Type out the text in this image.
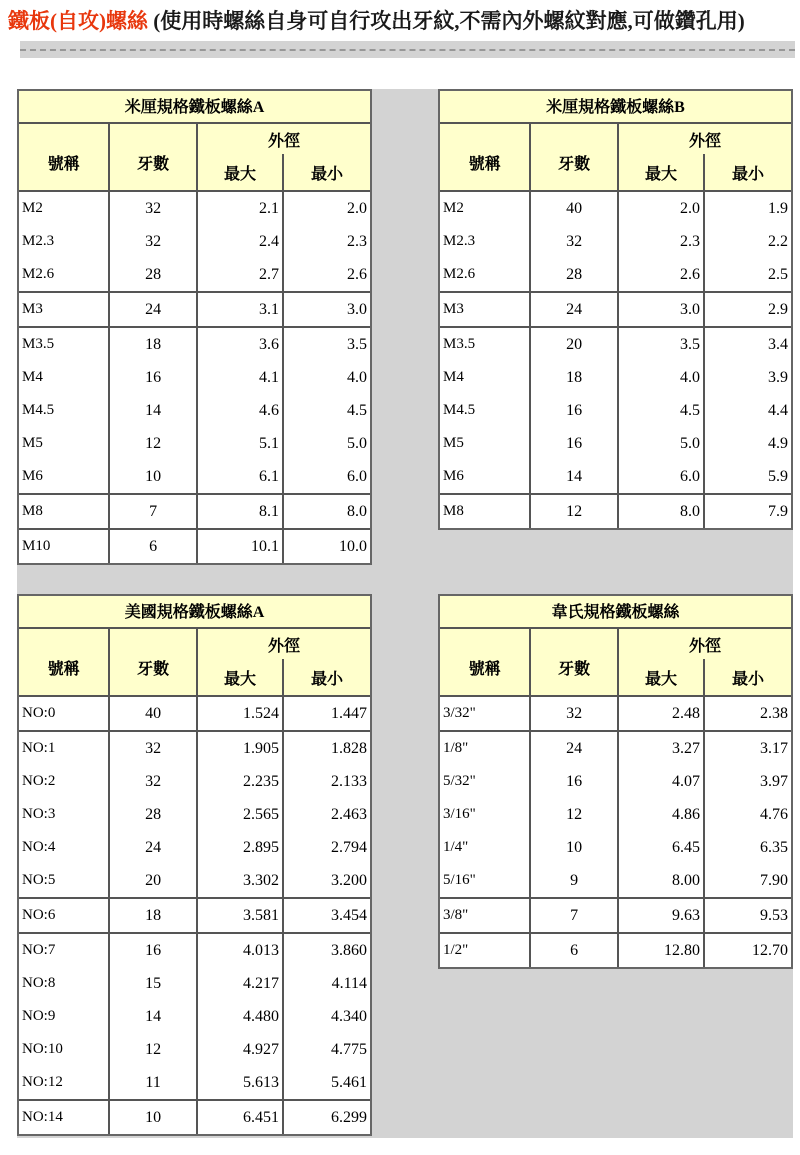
鐵板(自攻)螺絲 (使用時螺絲自身可自行攻出牙紋,不需內外螺紋對應,可做鑽孔用)
米厘規格鐵板螺絲A
號稱	牙數
外徑
最大	最小
M2	32	2.1	2.0
M2.3	32	2.4	2.3
M2.6	28	2.7	2.6
M3	24	3.1	3.0
M3.5	18	3.6	3.5
M4	16	4.1	4.0
M4.5	14	4.6	4.5
M5	12	5.1	5.0
M6	10	6.1	6.0
M8	7	8.1	8.0
M10	6	10.1	10.0
米厘規格鐵板螺絲B
號稱	牙數
外徑
最大	最小
M2	40	2.0	1.9
M2.3	32	2.3	2.2
M2.6	28	2.6	2.5
M3	24	3.0	2.9
M3.5	20	3.5	3.4
M4	18	4.0	3.9
M4.5	16	4.5	4.4
M5	16	5.0	4.9
M6	14	6.0	5.9
M8	12	8.0	7.9
美國規格鐵板螺絲A
號稱	牙數
外徑
最大	最小
NO:0	40	1.524	1.447
NO:1	32	1.905	1.828
NO:2	32	2.235	2.133
NO:3	28	2.565	2.463
NO:4	24	2.895	2.794
NO:5	20	3.302	3.200
NO:6	18	3.581	3.454
NO:7	16	4.013	3.860
NO:8	15	4.217	4.114
NO:9	14	4.480	4.340
NO:10	12	4.927	4.775
NO:12	11	5.613	5.461
NO:14	10	6.451	6.299
韋氏規格鐵板螺絲
號稱	牙數
外徑
最大	最小
3/32"	32	2.48	2.38
1/8"	24	3.27	3.17
5/32"	16	4.07	3.97
3/16"	12	4.86	4.76
1/4"	10	6.45	6.35
5/16"	9	8.00	7.90
3/8"	7	9.63	9.53
1/2"	6	12.80	12.70
